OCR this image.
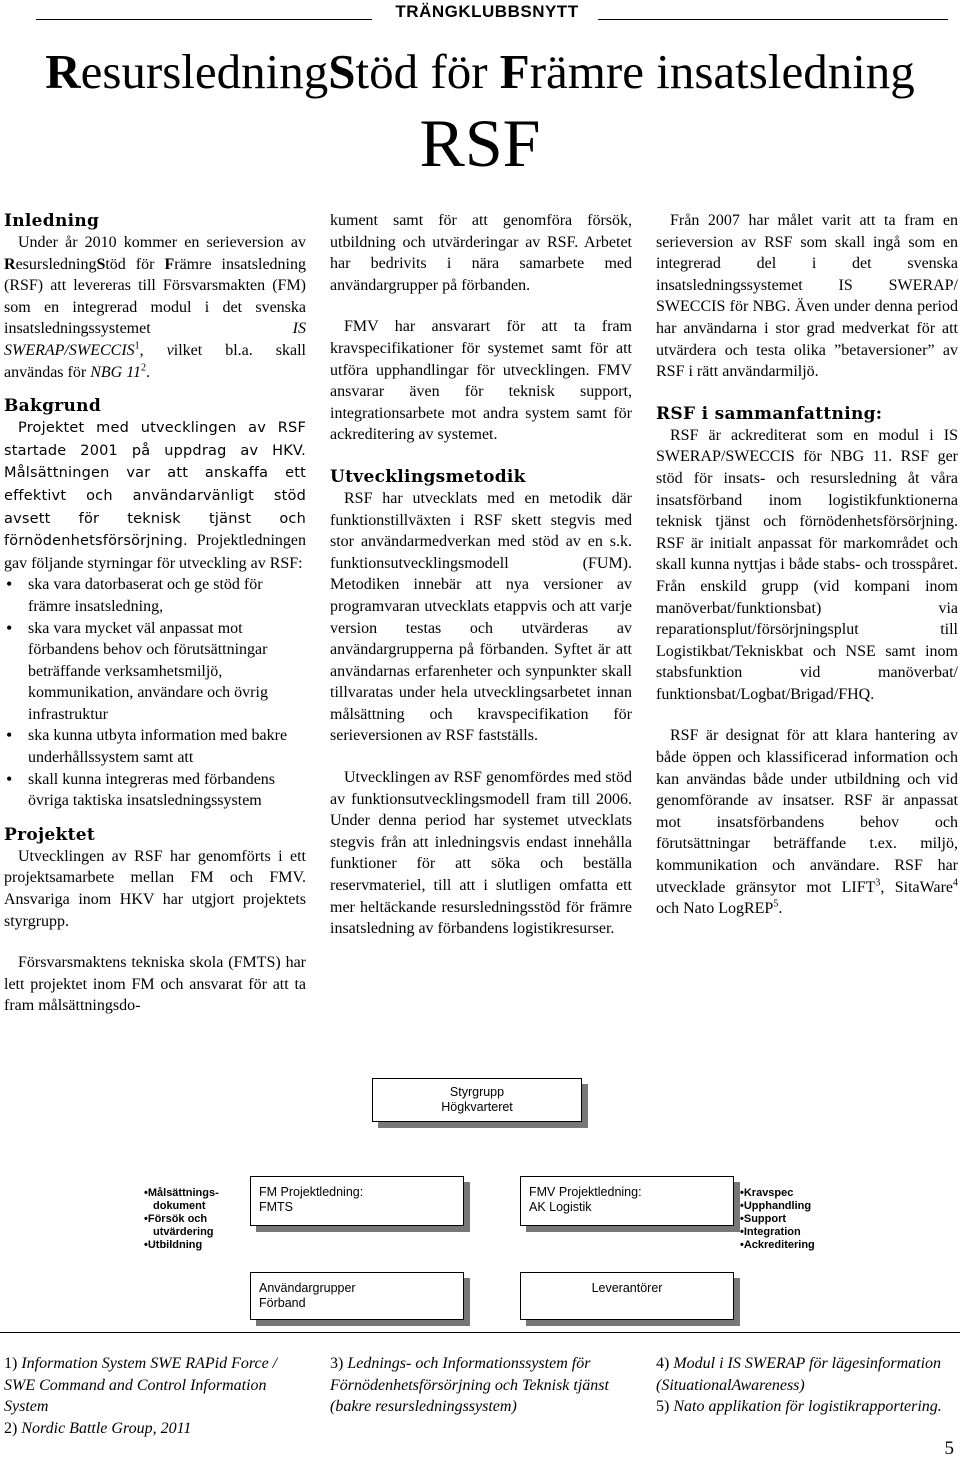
TRÄNGKLUBBSNYTT
ResursledningStöd för Främre insatsledning
RSF
Inledning

Under år 2010 kommer en serieversion av ResursledningStöd för Främre insatsledning (RSF) att levereras till Försvarsmakten (FM) som en integrerad modul i det svenska insatsledningssystemet IS SWERAP/SWECCIS$^1$, vilket bl.a. skall användas för NBG $11^2$.

Bakgrund

Projektet med utvecklingen av RSF startade 2001 på uppdrag av HKV. Målsättningen var att anskaffa ett effektivt och användarvänligt stöd avsett för teknisk tjänst och förnödenhetsförsörjning. Projektledningen gav följande styrningar för utveckling av RSF:

• ska vara datorbaserat och ge stöd för främre insatsledning,
• ska vara mycket väl anpassat mot förbandens behov och förutsättningar beträffande verksamhetsmiljö, kommunikation, användare och övrig infrastruktur
• ska kunna utbyta information med bakre underhållssystem samt att
• skall kunna integreras med förbandens övriga taktiska insatsledningssystem
Projektet

Utvecklingen av RSF har genomförts i ett projektsamarbete mellan FM och FMV. Ansvariga inom HKV har utgjort projektets styrgrupp.

Försvarsmaktens tekniska skola (FMTS) har lett projektet inom FM och ansvarat för att ta fram målsättningsdo-

kument samt för att genomföra försök, utbildning och utvärderingar av RSF. Arbetet har bedrivits i nära samarbete med användargrupper på förbanden.

FMV har ansvarart för att ta fram kravspecifikationer för systemet samt för att utföra upphandlingar för utvecklingen. FMV ansvarar även för teknisk support, integrationsarbete mot andra system samt för ackreditering av systemet.

Utvecklingsmetodik

RSF har utvecklats med en metodik där funktionstillväxten i RSF skett stegvis med stor användarmedverkan med stöd av en s.k. funktionsutvecklingsmodell (FUM). Metodiken innebär att nya versioner av programvaran utvecklats etappvis och att varje version testas och utvärderas av användargrupperna på förbanden. Syftet är att användarnas erfarenheter och synpunkter skall tillvaratas under hela utvecklingsarbetet innan målsättning och kravspecifikation för serieversionen av RSF fastställs.

Utvecklingen av RSF genomfördes med stöd av funktionsutvecklingsmodell fram till 2006. Under denna period har systemet utvecklats stegvis från att inledningsvis endast innehålla funktioner för att söka och beställa reservmateriel, till att i slutligen omfatta ett mer heltäckande resursledningsstöd för främre insatsledning av förbandens logistikresurser.

Från 2007 har målet varit att ta fram en serieversion av RSF som skall ingå som en integrerad del i det svenska insatsledningssystemet IS SWERAP/ SWECCIS för NBG. Även under denna period har användarna i stor grad medverkat för att utvärdera och testa olika ”betaversioner” av RSF i rätt användarmiljö.

RSF i sammanfattning:

RSF är ackrediterat som en modul i IS SWERAP/SWECCIS för NBG 11. RSF ger stöd för insats- och resursledning åt våra insatsförband inom logistikfunktionerna teknisk tjänst och förnödenhetsförsörjning. RSF är initialt anpassat för markområdet och skall kunna nyttjas i både stabs- och trosspåret. Från enskild grupp (vid kompani inom manöverbat/funktionsbat) via reparationsplut/försörjningsplut till Logistikbat/Tekniskbat och NSE samt inom stabsfunktion vid manöverbat/ funktionsbat/Logbat/Brigad/FHQ.

RSF är designat för att klara hantering av både öppen och klassificerad information och kan användas både under utbildning och vid genomförande av insatser. RSF är anpassat mot insatsförbandens behov och förutsättningar beträffande t.ex. miljö, kommunikation och användare. RSF har utvecklade gränsytor mot LIFT$^3$, SitaWare$^4$ och Nato LogREP$^5$.

Styrgrupp
Högkvarteret
•Målsättnings-
dokument
•Försök och
utvärdering
•Utbildning
FM Projektledning:
FMTS
FMV Projektledning:
AK Logistik
•Kravspec
•Upphandling
•Support
•Integration
•Ackreditering
Användargrupper
Förband
Leverantörer
1) Information System SWE RAPid Force / SWE Command and Control Information System
2) Nordic Battle Group, 2011
3) Lednings- och Informationssystem för Förnödenhetsförsörjning och Teknisk tjänst (bakre resursledningssystem)
4) Modul i IS SWERAP för lägesinformation (SituationalAwareness)
5) Nato applikation för logistikrapportering.
5
